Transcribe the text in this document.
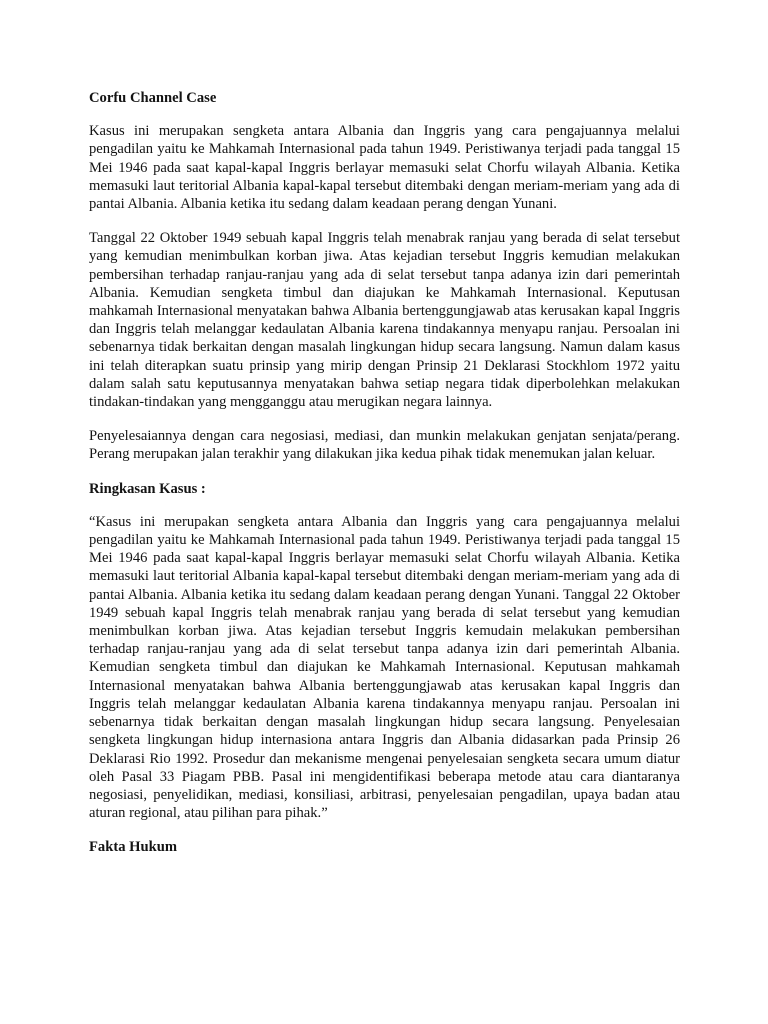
Corfu Channel Case

Kasus ini merupakan sengketa antara Albania dan Inggris yang cara pengajuannya melalui pengadilan yaitu ke Mahkamah Internasional pada tahun 1949. Peristiwanya terjadi pada tanggal 15 Mei 1946 pada saat kapal-kapal Inggris berlayar memasuki selat Chorfu wilayah Albania. Ketika memasuki laut teritorial Albania kapal-kapal tersebut ditembaki dengan meriam-meriam yang ada di pantai Albania. Albania ketika itu sedang dalam keadaan perang dengan Yunani.

Tanggal 22 Oktober 1949 sebuah kapal Inggris telah menabrak ranjau yang berada di selat tersebut yang kemudian menimbulkan korban jiwa. Atas kejadian tersebut Inggris kemudian melakukan pembersihan terhadap ranjau-ranjau yang ada di selat tersebut tanpa adanya izin dari pemerintah Albania. Kemudian sengketa timbul dan diajukan ke Mahkamah Internasional. Keputusan mahkamah Internasional menyatakan bahwa Albania bertenggungjawab atas kerusakan kapal Inggris dan Inggris telah melanggar kedaulatan Albania karena tindakannya menyapu ranjau. Persoalan ini sebenarnya tidak berkaitan dengan masalah lingkungan hidup secara langsung. Namun dalam kasus ini telah diterapkan suatu prinsip yang mirip dengan Prinsip 21 Deklarasi Stockhlom 1972 yaitu dalam salah satu keputusannya menyatakan bahwa setiap negara tidak diperbolehkan melakukan tindakan-tindakan yang mengganggu atau merugikan negara lainnya.

Penyelesaiannya dengan cara negosiasi, mediasi, dan munkin melakukan genjatan senjata/perang. Perang merupakan jalan terakhir yang dilakukan jika kedua pihak tidak menemukan jalan keluar.

Ringkasan Kasus :

“Kasus ini merupakan sengketa antara Albania dan Inggris yang cara pengajuannya melalui pengadilan yaitu ke Mahkamah Internasional pada tahun 1949. Peristiwanya terjadi pada tanggal 15 Mei 1946 pada saat kapal-kapal Inggris berlayar memasuki selat Chorfu wilayah Albania. Ketika memasuki laut teritorial Albania kapal-kapal tersebut ditembaki dengan meriam-meriam yang ada di pantai Albania. Albania ketika itu sedang dalam keadaan perang dengan Yunani. Tanggal 22 Oktober 1949 sebuah kapal Inggris telah menabrak ranjau yang berada di selat tersebut yang kemudian menimbulkan korban jiwa. Atas kejadian tersebut Inggris kemudain melakukan pembersihan terhadap ranjau-ranjau yang ada di selat tersebut tanpa adanya izin dari pemerintah Albania. Kemudian sengketa timbul dan diajukan ke Mahkamah Internasional. Keputusan mahkamah Internasional menyatakan bahwa Albania bertenggungjawab atas kerusakan kapal Inggris dan Inggris telah melanggar kedaulatan Albania karena tindakannya menyapu ranjau. Persoalan ini sebenarnya tidak berkaitan dengan masalah lingkungan hidup secara langsung. Penyelesaian sengketa lingkungan hidup internasiona antara Inggris dan Albania didasarkan pada Prinsip 26 Deklarasi Rio 1992. Prosedur dan mekanisme mengenai penyelesaian sengketa secara umum diatur oleh Pasal 33 Piagam PBB. Pasal ini mengidentifikasi beberapa metode atau cara diantaranya negosiasi, penyelidikan, mediasi, konsiliasi, arbitrasi, penyelesaian pengadilan, upaya badan atau aturan regional, atau pilihan para pihak.”

Fakta Hukum
